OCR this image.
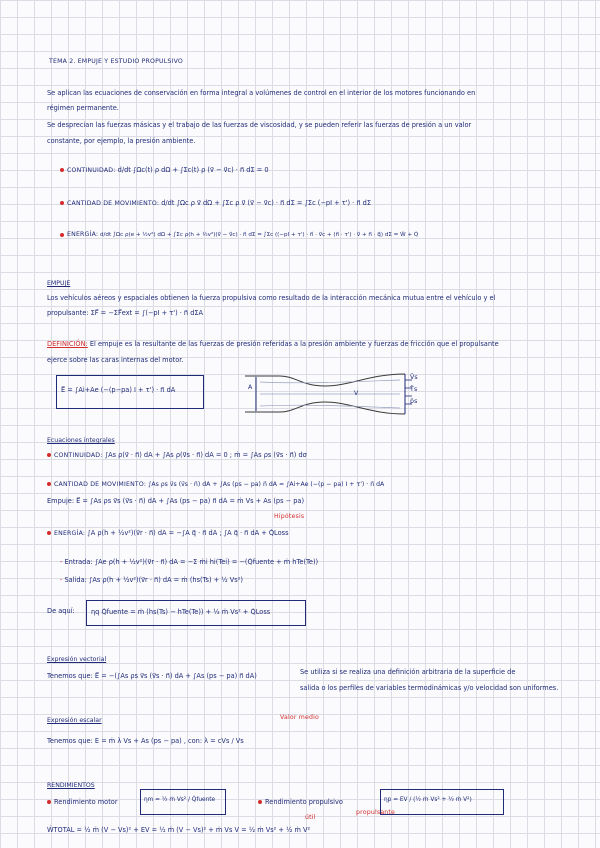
TEMA 2. EMPUJE Y ESTUDIO PROPULSIVO
Se aplican las ecuaciones de conservación en forma integral a volúmenes de control en el interior de los motores funcionando en
régimen permanente.
Se desprecian las fuerzas másicas y el trabajo de las fuerzas de viscosidad, y se pueden referir las fuerzas de presión a un valor
constante, por ejemplo, la presión ambiente.
CONTINUIDAD: d/dt ∫Ωc(t) ρ dΩ + ∫Σc(t) ρ (v⃗ − v⃗c) · n⃗ dΣ = 0
CANTIDAD DE MOVIMIENTO: d/dt ∫Ωc ρ v⃗ dΩ + ∫Σc ρ v⃗ (v⃗ − v⃗c) · n⃗ dΣ = ∫Σc (−pI + τ') · n⃗ dΣ
ENERGÍA: d/dt ∫Ωc ρ(e + ½v²) dΩ + ∫Σc ρ(h + ½v²)(v⃗ − v⃗c) · n⃗ dΣ = ∫Σc ((−pI + τ') · n⃗ · v⃗c + (n⃗ · τ') · v⃗ + n⃗ · q⃗) dΣ = Ẇ + Q̇
EMPUJE
Los vehículos aéreos y espaciales obtienen la fuerza propulsiva como resultado de la interacción mecánica mutua entre el vehículo y el
propulsante: ΣF⃗ = −ΣF⃗ext = ∫(−pI + τ') · n⃗ dΣA
DEFINICIÓN: El empuje es la resultante de las fuerzas de presión referidas a la presión ambiente y fuerzas de fricción que el propulsante
ejerce sobre las caras internas del motor.
E⃗ = ∫Ai+Ae (−(p−pa) I + τ') · n⃗ dA	A
V
V̄s
T̄s
p̄s
Ecuaciones integrales
CONTINUIDAD: ∫As ρ(v⃗ · n⃗) dA + ∫As ρ(v⃗s · n⃗) dA = 0 ; ṁ = ∫As ρs (v⃗s · n⃗) dσ
CANTIDAD DE MOVIMIENTO: ∫As ρs v⃗s (v⃗s · n⃗) dA + ∫As (ps − pa) n⃗ dA = ∫Ai+Ae (−(p − pa) I + τ') · n⃗ dA
Empuje: E⃗ = ∫As ρs v⃗s (v⃗s · n⃗) dA + ∫As (ps − pa) n⃗ dA = ṁ Vs + As (ps − pa)
Hipótesis
ENERGÍA: ∫A ρ(h + ½v²)(v⃗r · n⃗) dA = −∫A q⃗ · n⃗ dA ; ∫A q⃗ · n⃗ dA + Q̇Loss
- Entrada: ∫Ae ρ(h + ½v²)(v⃗r · n⃗) dA = −Σ ṁi hi(Tei) = −(Q̇fuente + ṁ hTe(Te))
- Salida: ∫As ρ(h + ½v²)(v⃗r · n⃗) dA = ṁ (hs(Ts) + ½ Vs²)
De aquí: ηq Q̇fuente = ṁ (hs(Ts) − hTe(Te)) + ½ ṁ Vs² + Q̇Loss
Expresión vectorial
Tenemos que: E⃗ = −(∫As ρs v⃗s (v⃗s · n⃗) dA + ∫As (ps − pa) n⃗ dA)	Se utiliza si se realiza una definición arbitraria de la superficie de
salida o los perfiles de variables termodinámicas y/o velocidad son uniformes.
Valor medio
Expresión escalar
Tenemos que: E = ṁ λ Vs + As (ps − pa) , con: λ = cVs / Vs
RENDIMIENTOS
Rendimiento motor	ηm = ½ ṁ Vs² / Q̇fuente	Rendimiento propulsivo	ηp = EV / (½ ṁ Vs² + ½ ṁ V²)
útil
propulsante
ẆTOTAL = ½ ṁ (V − Vs)² + EV = ½ ṁ (V − Vs)² + ṁ Vs V = ½ ṁ Vs² + ½ ṁ V²
